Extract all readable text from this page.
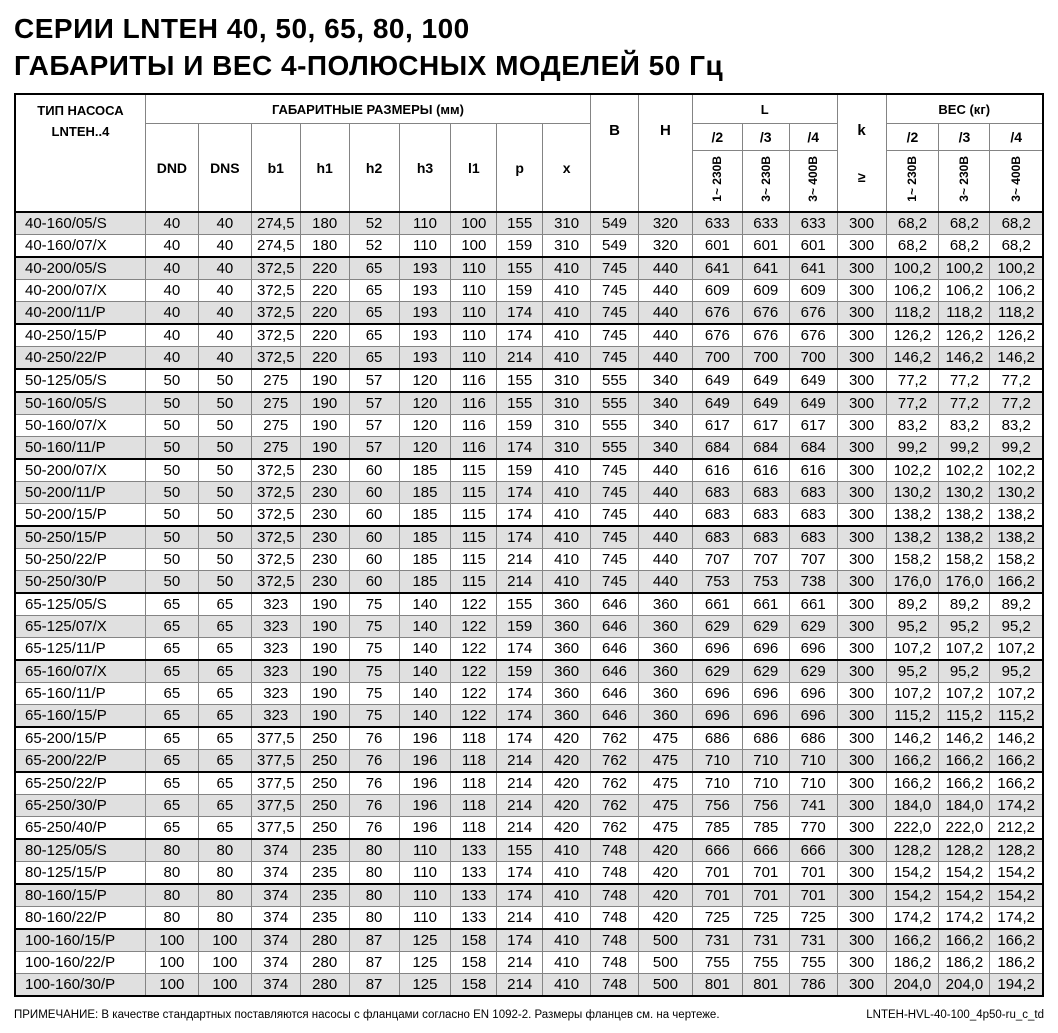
СЕРИИ LNTEH 40, 50, 65, 80, 100
ГАБАРИТЫ И ВЕС 4-ПОЛЮСНЫХ МОДЕЛЕЙ 50 Гц
ТИП НАСОСА
LNTEH..4
	ГАБАРИТНЫЕ РАЗМЕРЫ (мм)	
B	H
	L	
k
≥
	ВЕС (кг)
	DND	DNS	b1	h1	h2	h3	l1	p	x			/2	/3	/4		/2	/3	/4
												1~ 230В	3~ 230В	3~ 400В		1~ 230В	3~ 230В	3~ 400В
40-160/05/S	40	40	274,5	180	52	110	100	155	310	549	320	633	633	633	300	68,2	68,2	68,2
40-160/07/X	40	40	274,5	180	52	110	100	159	310	549	320	601	601	601	300	68,2	68,2	68,2
40-200/05/S	40	40	372,5	220	65	193	110	155	410	745	440	641	641	641	300	100,2	100,2	100,2
40-200/07/X	40	40	372,5	220	65	193	110	159	410	745	440	609	609	609	300	106,2	106,2	106,2
40-200/11/P	40	40	372,5	220	65	193	110	174	410	745	440	676	676	676	300	118,2	118,2	118,2
40-250/15/P	40	40	372,5	220	65	193	110	174	410	745	440	676	676	676	300	126,2	126,2	126,2
40-250/22/P	40	40	372,5	220	65	193	110	214	410	745	440	700	700	700	300	146,2	146,2	146,2
50-125/05/S	50	50	275	190	57	120	116	155	310	555	340	649	649	649	300	77,2	77,2	77,2
50-160/05/S	50	50	275	190	57	120	116	155	310	555	340	649	649	649	300	77,2	77,2	77,2
50-160/07/X	50	50	275	190	57	120	116	159	310	555	340	617	617	617	300	83,2	83,2	83,2
50-160/11/P	50	50	275	190	57	120	116	174	310	555	340	684	684	684	300	99,2	99,2	99,2
50-200/07/X	50	50	372,5	230	60	185	115	159	410	745	440	616	616	616	300	102,2	102,2	102,2
50-200/11/P	50	50	372,5	230	60	185	115	174	410	745	440	683	683	683	300	130,2	130,2	130,2
50-200/15/P	50	50	372,5	230	60	185	115	174	410	745	440	683	683	683	300	138,2	138,2	138,2
50-250/15/P	50	50	372,5	230	60	185	115	174	410	745	440	683	683	683	300	138,2	138,2	138,2
50-250/22/P	50	50	372,5	230	60	185	115	214	410	745	440	707	707	707	300	158,2	158,2	158,2
50-250/30/P	50	50	372,5	230	60	185	115	214	410	745	440	753	753	738	300	176,0	176,0	166,2
65-125/05/S	65	65	323	190	75	140	122	155	360	646	360	661	661	661	300	89,2	89,2	89,2
65-125/07/X	65	65	323	190	75	140	122	159	360	646	360	629	629	629	300	95,2	95,2	95,2
65-125/11/P	65	65	323	190	75	140	122	174	360	646	360	696	696	696	300	107,2	107,2	107,2
65-160/07/X	65	65	323	190	75	140	122	159	360	646	360	629	629	629	300	95,2	95,2	95,2
65-160/11/P	65	65	323	190	75	140	122	174	360	646	360	696	696	696	300	107,2	107,2	107,2
65-160/15/P	65	65	323	190	75	140	122	174	360	646	360	696	696	696	300	115,2	115,2	115,2
65-200/15/P	65	65	377,5	250	76	196	118	174	420	762	475	686	686	686	300	146,2	146,2	146,2
65-200/22/P	65	65	377,5	250	76	196	118	214	420	762	475	710	710	710	300	166,2	166,2	166,2
65-250/22/P	65	65	377,5	250	76	196	118	214	420	762	475	710	710	710	300	166,2	166,2	166,2
65-250/30/P	65	65	377,5	250	76	196	118	214	420	762	475	756	756	741	300	184,0	184,0	174,2
65-250/40/P	65	65	377,5	250	76	196	118	214	420	762	475	785	785	770	300	222,0	222,0	212,2
80-125/05/S	80	80	374	235	80	110	133	155	410	748	420	666	666	666	300	128,2	128,2	128,2
80-125/15/P	80	80	374	235	80	110	133	174	410	748	420	701	701	701	300	154,2	154,2	154,2
80-160/15/P	80	80	374	235	80	110	133	174	410	748	420	701	701	701	300	154,2	154,2	154,2
80-160/22/P	80	80	374	235	80	110	133	214	410	748	420	725	725	725	300	174,2	174,2	174,2
100-160/15/P	100	100	374	280	87	125	158	174	410	748	500	731	731	731	300	166,2	166,2	166,2
100-160/22/P	100	100	374	280	87	125	158	214	410	748	500	755	755	755	300	186,2	186,2	186,2
100-160/30/P	100	100	374	280	87	125	158	214	410	748	500	801	801	786	300	204,0	204,0	194,2
ПРИМЕЧАНИЕ: В качестве стандартных поставляются насосы с фланцами согласно EN 1092-2. Размеры фланцев см. на чертеже.	LNTEH-HVL-40-100_4p50-ru_c_td
